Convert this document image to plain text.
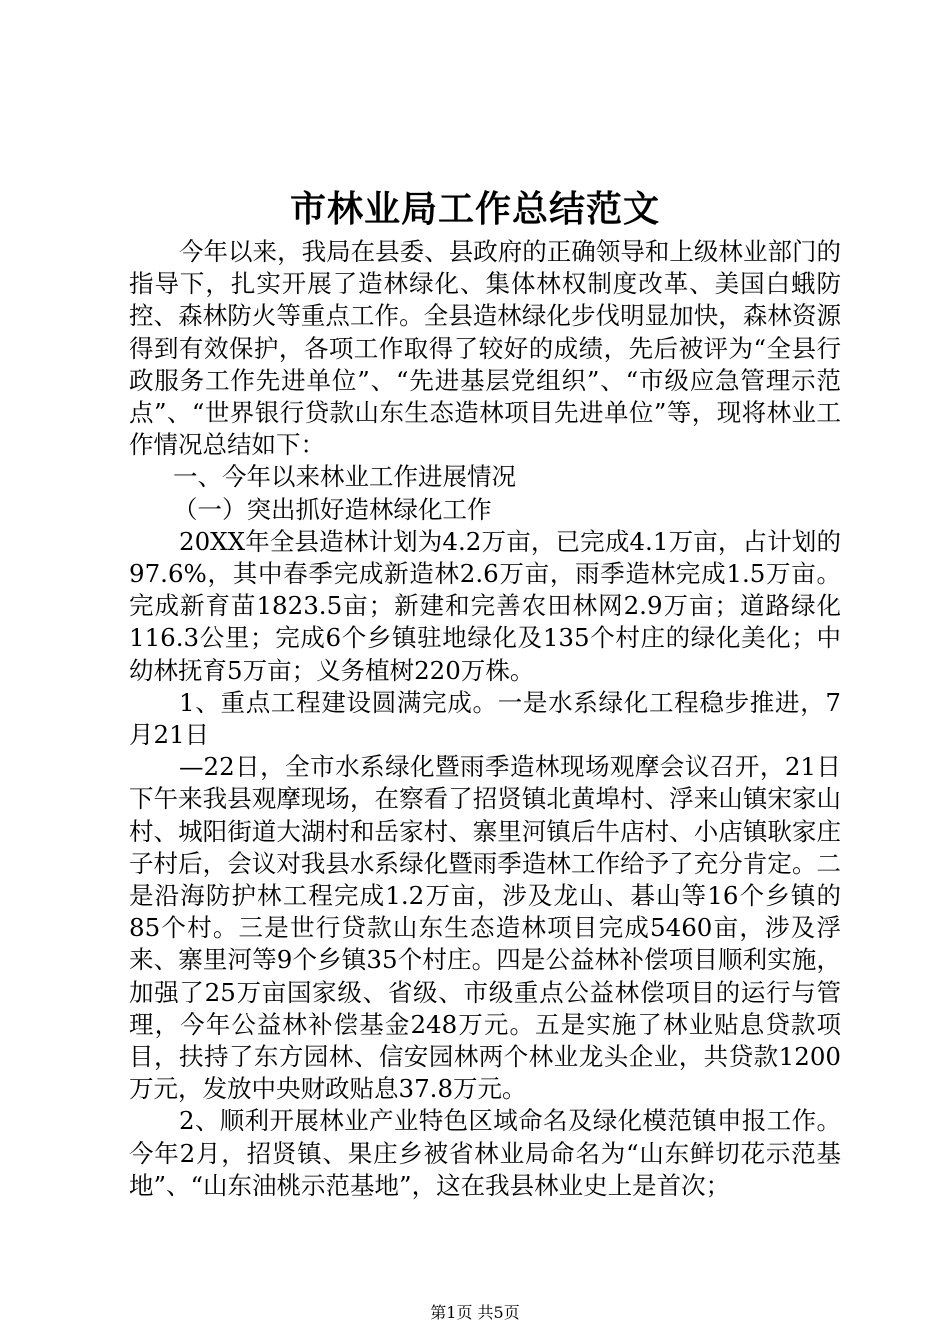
市林业局工作总结范文

今年以来，我局在县委、县政府的正确领导和上级林业部门的指导下，扎实开展了造林绿化、集体林权制度改革、美国白蛾防控、森林防火等重点工作。全县造林绿化步伐明显加快，森林资源得到有效保护，各项工作取得了较好的成绩，先后被评为“全县行政服务工作先进单位”、“先进基层党组织”、“市级应急管理示范点”、“世界银行贷款山东生态造林项目先进单位”等，现将林业工作情况总结如下：

一、今年以来林业工作进展情况

（一）突出抓好造林绿化工作

20XX年全县造林计划为4.2万亩，已完成4.1万亩，占计划的97.6%，其中春季完成新造林2.6万亩，雨季造林完成1.5万亩。完成新育苗1823.5亩；新建和完善农田林网2.9万亩；道路绿化116.3公里；完成6个乡镇驻地绿化及135个村庄的绿化美化；中幼林抚育5万亩；义务植树220万株。

1、重点工程建设圆满完成。一是水系绿化工程稳步推进，7月21日

—22日，全市水系绿化暨雨季造林现场观摩会议召开，21日下午来我县观摩现场，在察看了招贤镇北黄埠村、浮来山镇宋家山村、城阳街道大湖村和岳家村、寨里河镇后牛店村、小店镇耿家庄子村后，会议对我县水系绿化暨雨季造林工作给予了充分肯定。二是沿海防护林工程完成1.2万亩，涉及龙山、碁山等16个乡镇的85个村。三是世行贷款山东生态造林项目完成5460亩，涉及浮来、寨里河等9个乡镇35个村庄。四是公益林补偿项目顺利实施，加强了25万亩国家级、省级、市级重点公益林偿项目的运行与管理，今年公益林补偿基金248万元。五是实施了林业贴息贷款项目，扶持了东方园林、信安园林两个林业龙头企业，共贷款1200万元，发放中央财政贴息37.8万元。

2、顺利开展林业产业特色区域命名及绿化模范镇申报工作。今年2月，招贤镇、果庄乡被省林业局命名为“山东鲜切花示范基地”、“山东油桃示范基地”，这在我县林业史上是首次；

第1页 共5页
